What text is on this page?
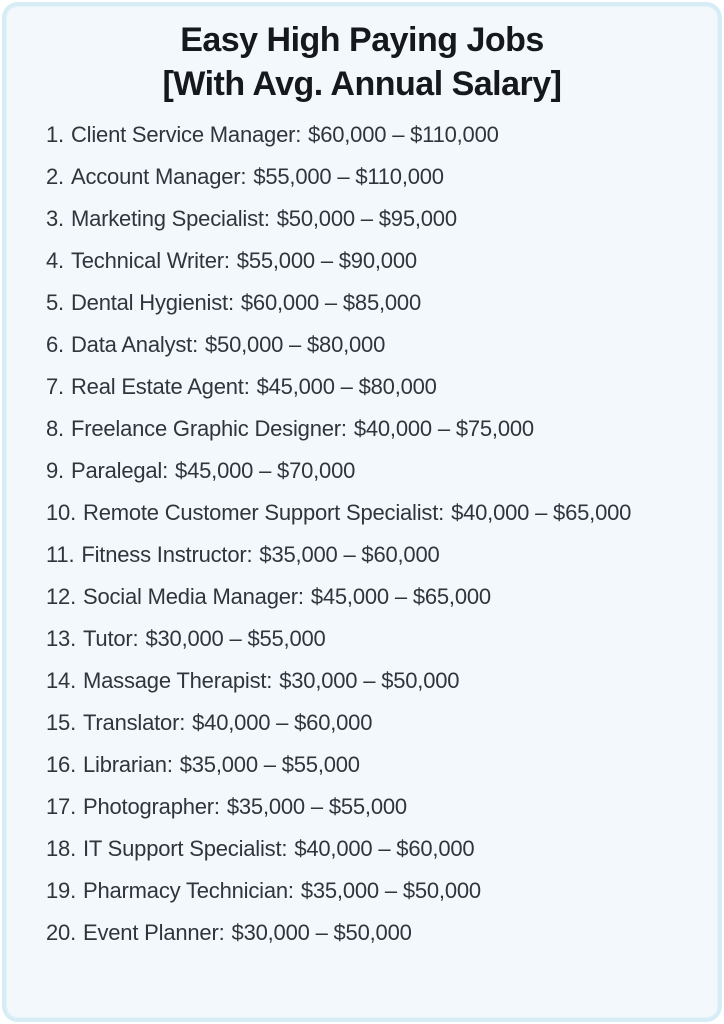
Easy High Paying Jobs
[With Avg. Annual Salary]
1 . Client Service Manager : $60,000 – $110,000
2 . Account Manager : $55,000 – $110,000
3 . Marketing Specialist : $50,000 – $95,000
4 . Technical Writer : $55,000 – $90,000
5 . Dental Hygienist : $60,000 – $85,000
6 . Data Analyst : $50,000 – $80,000
7 . Real Estate Agent : $45,000 – $80,000
8 . Freelance Graphic Designer : $40,000 – $75,000
9 . Paralegal : $45,000 – $70,000
10 . Remote Customer Support Specialist : $40,000 – $65,000
11 . Fitness Instructor : $35,000 – $60,000
12 . Social Media Manager : $45,000 – $65,000
13 . Tutor : $30,000 – $55,000
14 . Massage Therapist : $30,000 – $50,000
15 . Translator : $40,000 – $60,000
16 . Librarian : $35,000 – $55,000
17 . Photographer : $35,000 – $55,000
18 . IT Support Specialist : $40,000 – $60,000
19 . Pharmacy Technician : $35,000 – $50,000
20 . Event Planner : $30,000 – $50,000
